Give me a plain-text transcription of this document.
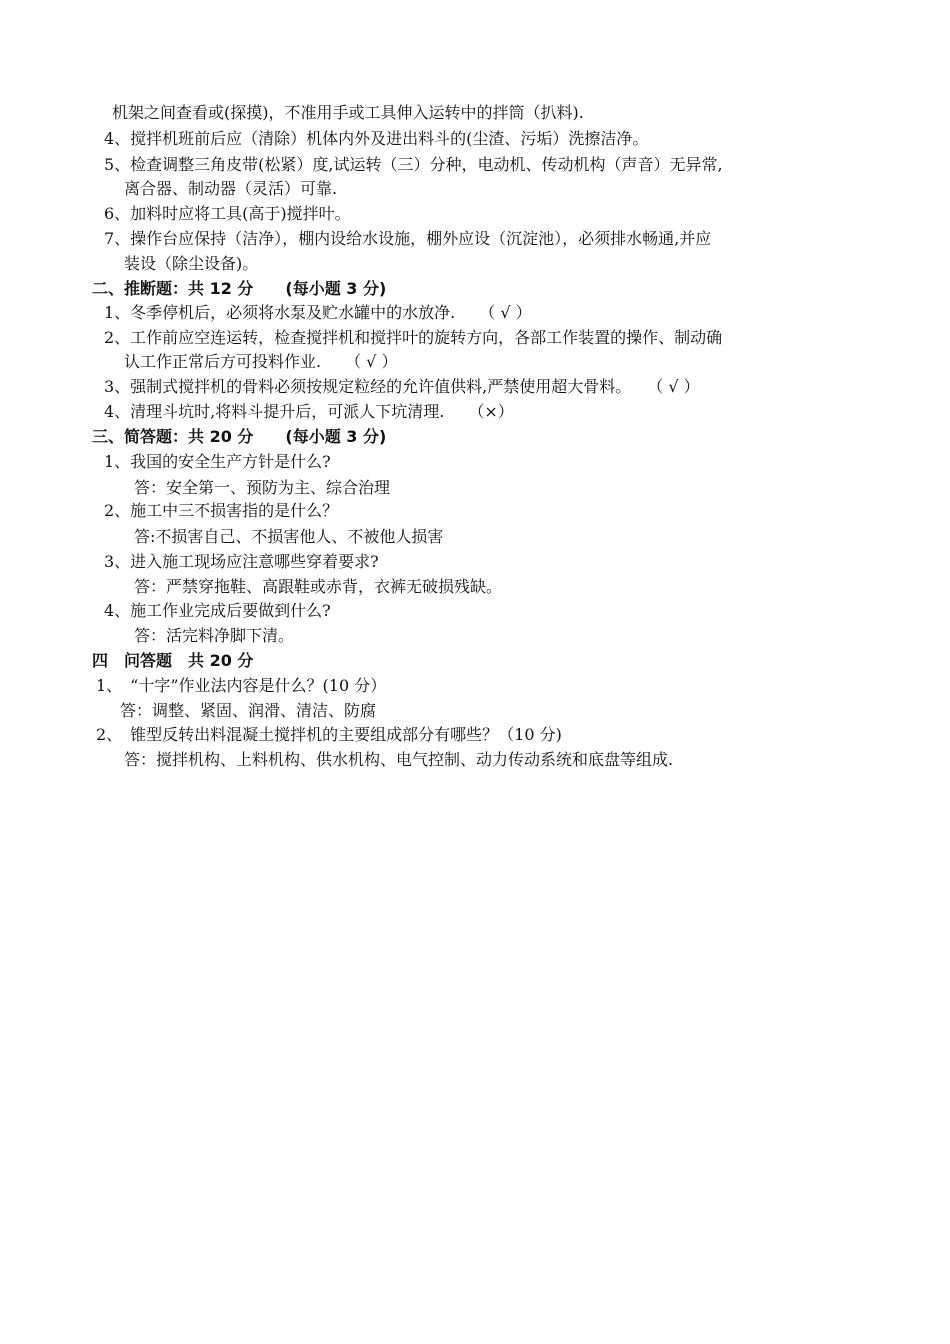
机架之间查看或(探摸)，不准用手或工具伸入运转中的拌筒（扒料).
4、搅拌机班前后应（清除）机体内外及进出料斗的(尘渣、污垢）洗擦洁净。
5、检查调整三角皮带(松紧）度,试运转（三）分种，电动机、传动机构（声音）无异常,
离合器、制动器（灵活）可靠.
6、加料时应将工具(高于)搅拌叶。
7、操作台应保持（洁净），棚内设给水设施，棚外应设（沉淀池），必须排水畅通,并应
装设（除尘设备)。
二、推断题：共 12 分　　(每小题 3 分)
1、冬季停机后，必须将水泵及贮水罐中的水放净.　　（ √ ）
2、工作前应空连运转，检查搅拌机和搅拌叶的旋转方向，各部工作装置的操作、制动确
认工作正常后方可投料作业.　　（ √ ）
3、强制式搅拌机的骨料必须按规定粒经的允许值供料,严禁使用超大骨料。　　（ √ ）
4、清理斗坑时,将料斗提升后，可派人下坑清理.　　（×）
三、简答题：共 20 分　　(每小题 3 分)
1、我国的安全生产方针是什么?
答：安全第一、预防为主、综合治理
2、施工中三不损害指的是什么？
答:不损害自己、不损害他人、不被他人损害
3、进入施工现场应注意哪些穿着要求?
答：严禁穿拖鞋、高跟鞋或赤背，衣裤无破损残缺。
4、施工作业完成后要做到什么?
答：活完料净脚下清。
四　问答题　共 20 分
1、　“十字”作业法内容是什么？(10 分）
答：调整、紧固、润滑、清洁、防腐
2、　锥型反转出料混凝土搅拌机的主要组成部分有哪些？（10 分)
答：搅拌机构、上料机构、供水机构、电气控制、动力传动系统和底盘等组成.
